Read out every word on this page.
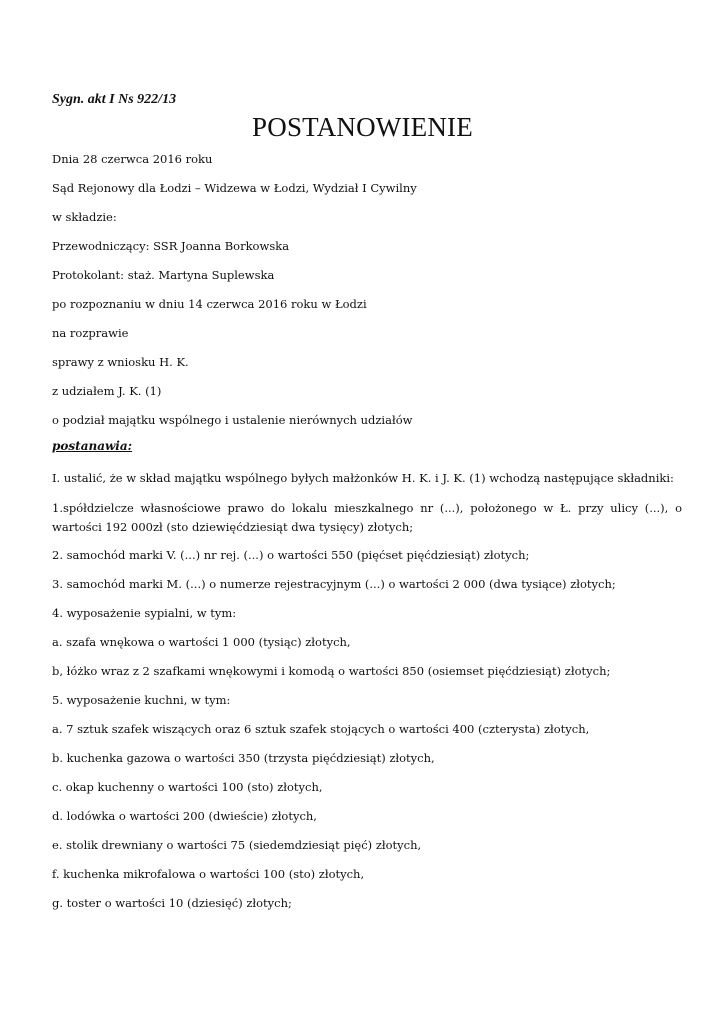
Sygn. akt I Ns 922/13
POSTANOWIENIE
Dnia 28 czerwca 2016 roku
Sąd Rejonowy dla Łodzi – Widzewa w Łodzi, Wydział I Cywilny
w składzie:
Przewodniczący: SSR Joanna Borkowska
Protokolant: staż. Martyna Suplewska
po rozpoznaniu w dniu 14 czerwca 2016 roku w Łodzi
na rozprawie
sprawy z wniosku H. K.
z udziałem J. K. (1)
o podział majątku wspólnego i ustalenie nierównych udziałów
postanawia:
I. ustalić, że w skład majątku wspólnego byłych małżonków H. K. i J. K. (1) wchodzą następujące składniki:
1.spółdzielcze własnościowe prawo do lokalu mieszkalnego nr (...), położonego w Ł. przy ulicy (...), o wartości 192 000zł (sto dziewięćdziesiąt dwa tysięcy) złotych;
2. samochód marki V. (...) nr rej. (...) o wartości 550 (pięćset pięćdziesiąt) złotych;
3. samochód marki M. (...) o numerze rejestracyjnym (...) o wartości 2 000 (dwa tysiące) złotych;
4. wyposażenie sypialni, w tym:
a. szafa wnękowa o wartości 1 000 (tysiąc) złotych,
b, łóżko wraz z 2 szafkami wnękowymi i komodą o wartości 850 (osiemset pięćdziesiąt) złotych;
5. wyposażenie kuchni, w tym:
a. 7 sztuk szafek wiszących oraz 6 sztuk szafek stojących o wartości 400 (czterysta) złotych,
b. kuchenka gazowa o wartości 350 (trzysta pięćdziesiąt) złotych,
c. okap kuchenny o wartości 100 (sto) złotych,
d. lodówka o wartości 200 (dwieście) złotych,
e. stolik drewniany o wartości 75 (siedemdziesiąt pięć) złotych,
f. kuchenka mikrofalowa o wartości 100 (sto) złotych,
g. toster o wartości 10 (dziesięć) złotych;
